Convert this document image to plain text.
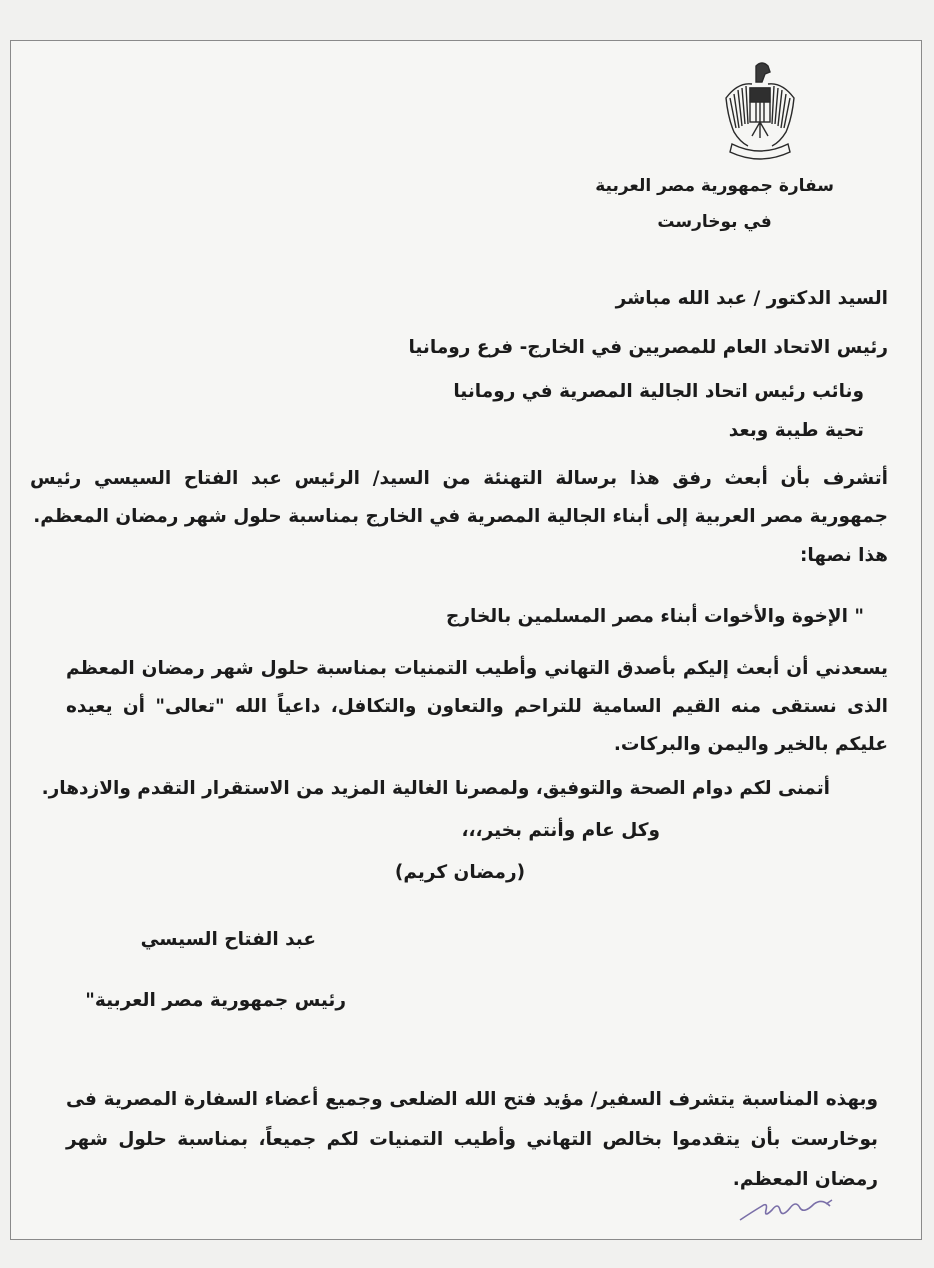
سفارة جمهورية مصر العربية
في بوخارست
السيد الدكتور / عبد الله مباشر
رئيس الاتحاد العام للمصريين في الخارج- فرع رومانيا
ونائب رئيس اتحاد الجالية المصرية في رومانيا
تحية طيبة وبعد
أتشرف بأن أبعث رفق هذا برسالة التهنئة من السيد/ الرئيس عبد الفتاح السيسي رئيس جمهورية مصر العربية إلى أبناء الجالية المصرية في الخارج بمناسبة حلول شهر رمضان المعظم.
هذا نصها:
" الإخوة والأخوات أبناء مصر المسلمين بالخارج
يسعدني أن أبعث إليكم بأصدق التهاني وأطيب التمنيات بمناسبة حلول شهر رمضان المعظم الذى نستقى منه القيم السامية للتراحم والتعاون والتكافل، داعياً الله "تعالى" أن يعيده عليكم بالخير واليمن والبركات.
أتمنى لكم دوام الصحة والتوفيق، ولمصرنا الغالية المزيد من الاستقرار التقدم والازدهار.
وكل عام وأنتم بخير،،،
(رمضان كريم)
عبد الفتاح السيسي
رئيس جمهورية مصر العربية"
وبهذه المناسبة يتشرف السفير/ مؤيد فتح الله الضلعى وجميع أعضاء السفارة المصرية فى بوخارست بأن يتقدموا بخالص التهاني وأطيب التمنيات لكم جميعاً، بمناسبة حلول شهر رمضان المعظم.
